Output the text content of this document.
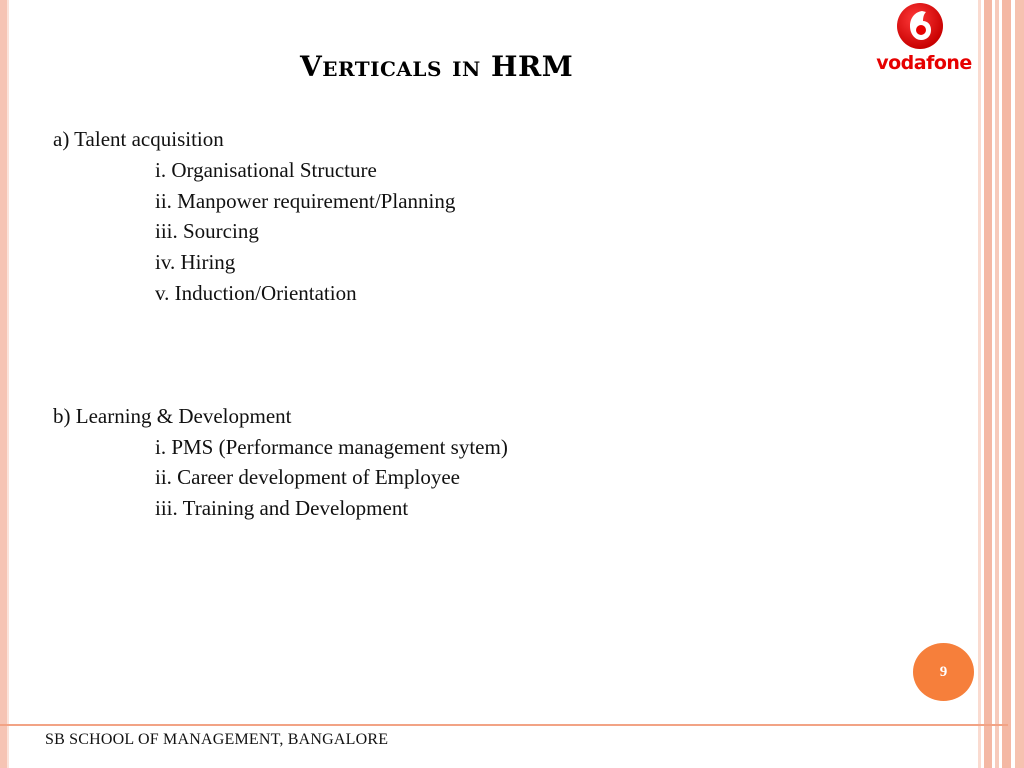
Verticals in HRM	vodafone
a) Talent acquisition
i. Organisational Structure
ii. Manpower requirement/Planning
iii. Sourcing
iv. Hiring
v. Induction/Orientation
b) Learning & Development
i. PMS (Performance management sytem)
ii. Career development of Employee
iii. Training and Development
9
SB SCHOOL OF MANAGEMENT, BANGALORE
